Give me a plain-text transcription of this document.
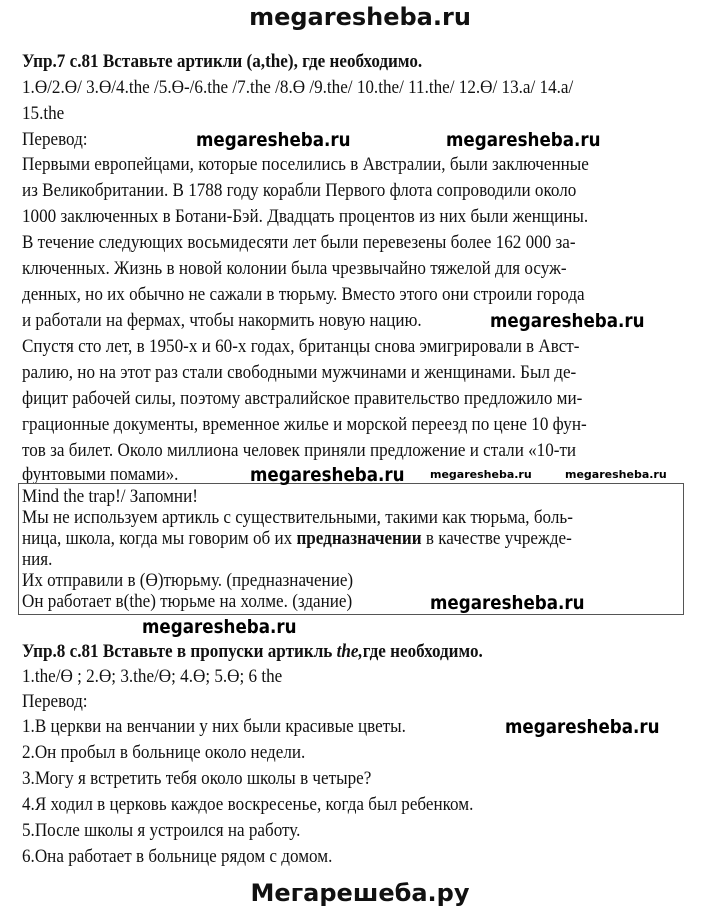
megaresheba.ru
Упр.7 с.81 Вставьте артикли (a,the), где необходимо.
1.Ө/2.Ө/ 3.Ө/4.the /5.Ө-/6.the /7.the /8.Ө /9.the/ 10.the/ 11.the/ 12.Ө/ 13.a/ 14.a/
15.the
Перевод:
Первыми европейцами, которые поселились в Австралии, были заключенные
из Великобритании. В 1788 году корабли Первого флота сопроводили около
1000 заключенных в Ботани-Бэй. Двадцать процентов из них были женщины.
В течение следующих восьмидесяти лет были перевезены более 162 000 за-
ключенных. Жизнь в новой колонии была чрезвычайно тяжелой для осуж-
денных, но их обычно не сажали в тюрьму. Вместо этого они строили города
и работали на фермах, чтобы накормить новую нацию.
Спустя сто лет, в 1950-х и 60-х годах, британцы снова эмигрировали в Авст-
ралию, но на этот раз стали свободными мужчинами и женщинами. Был де-
фицит рабочей силы, поэтому австралийское правительство предложило ми-
грационные документы, временное жилье и морской переезд по цене 10 фун-
тов за билет. Около миллиона человек приняли предложение и стали «10-ти
фунтовыми помами».
Mind the trap!/ Запомни!
Мы не используем артикль с существительными, такими как тюрьма, боль-
ница, школа, когда мы говорим об их предназначении в качестве учрежде-
ния.
Их отправили в (Ө)тюрьму. (предназначение)
Он работает в(the) тюрьме на холме. (здание)
Упр.8 с.81 Вставьте в пропуски артикль the,где необходимо.
1.the/Ө ; 2.Ө; 3.the/Ө; 4.Ө; 5.Ө; 6 the
Перевод:
1.В церкви на венчании у них были красивые цветы.
2.Он пробыл в больнице около недели.
3.Могу я встретить тебя около школы в четыре?
4.Я ходил в церковь каждое воскресенье, когда был ребенком.
5.После школы я устроился на работу.
6.Она работает в больнице рядом с домом.
megaresheba.ru	megaresheba.ru
megaresheba.ru
megaresheba.ru megaresheba.ru	megaresheba.ru
megaresheba.ru
megaresheba.ru
megaresheba.ru
Мегарешеба.ру
